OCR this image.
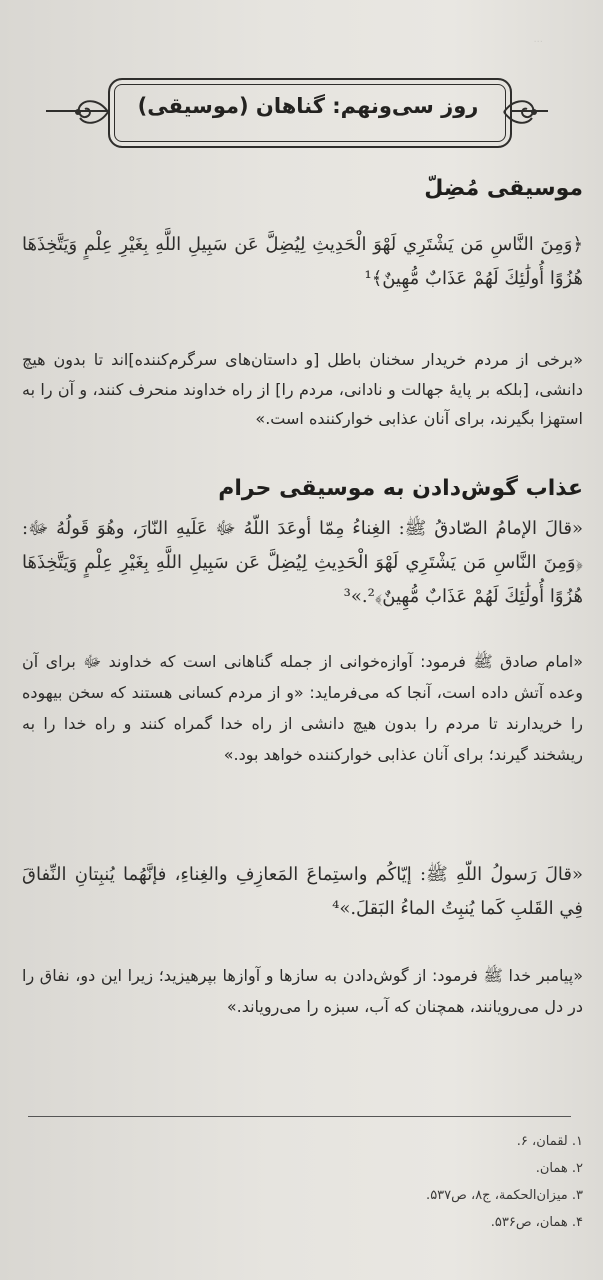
...
روز سی‌ونهم: گناهان (موسیقی)
موسیقی مُضِلّ
﴿وَمِنَ النَّاسِ مَن يَشْتَرِي لَهْوَ الْحَدِيثِ لِيُضِلَّ عَن سَبِيلِ اللَّهِ بِغَيْرِ عِلْمٍ وَيَتَّخِذَهَا هُزُوًا أُولَٰئِكَ لَهُمْ عَذَابٌ مُّهِينٌ﴾¹
«برخی از مردم خریدار سخنان باطل [و داستان‌های سرگرم‌کننده]اند تا بدون هیچ دانشی، [بلکه بر پایهٔ جهالت و نادانی، مردم را] از راه خداوند منحرف کنند، و آن را به استهزا بگیرند، برای آنان عذابی خوارکننده است.»
عذاب گوش‌دادن به موسیقی حرام
«قالَ الإمامُ الصّادقُ ﷺ: الغِناءُ مِمّا أوعَدَ اللّهُ ﷻ عَلَيهِ النّارَ، وهُوَ قَولُهُ ﷻ: ﴿وَمِنَ النَّاسِ مَن يَشْتَرِي لَهْوَ الْحَدِيثِ لِيُضِلَّ عَن سَبِيلِ اللَّهِ بِغَيْرِ عِلْمٍ وَيَتَّخِذَهَا هُزُوًا أُولَٰئِكَ لَهُمْ عَذَابٌ مُّهِينٌ﴾².»³
«امام صادق ﷺ فرمود: آوازه‌خوانی از جمله گناهانی است که خداوند ﷻ برای آن وعده آتش داده است، آنجا که می‌فرماید: «و از مردم کسانی هستند که سخن بیهوده را خریدارند تا مردم را بدون هیچ دانشی از راه خدا گمراه کنند و راه خدا را به ریشخند گیرند؛ برای آنان عذابی خوارکننده خواهد بود.»
«قالَ رَسولُ اللّهِ ﷺ: إيّاكُم واستِماعَ المَعازِفِ والغِناءِ، فإنَّهُما يُنبِتانِ النِّفاقَ فِي القَلبِ كَما يُنبِتُ الماءُ البَقلَ.»⁴
«پیامبر خدا ﷺ فرمود: از گوش‌دادن به سازها و آوازها بپرهیزید؛ زیرا این دو، نفاق را در دل می‌رویانند، همچنان که آب، سبزه را می‌رویاند.»
۱. لقمان، ۶.
۲. همان.
۳. میزان‌الحکمة، ج۸، ص۵۳۷.
۴. همان، ص۵۳۶.
